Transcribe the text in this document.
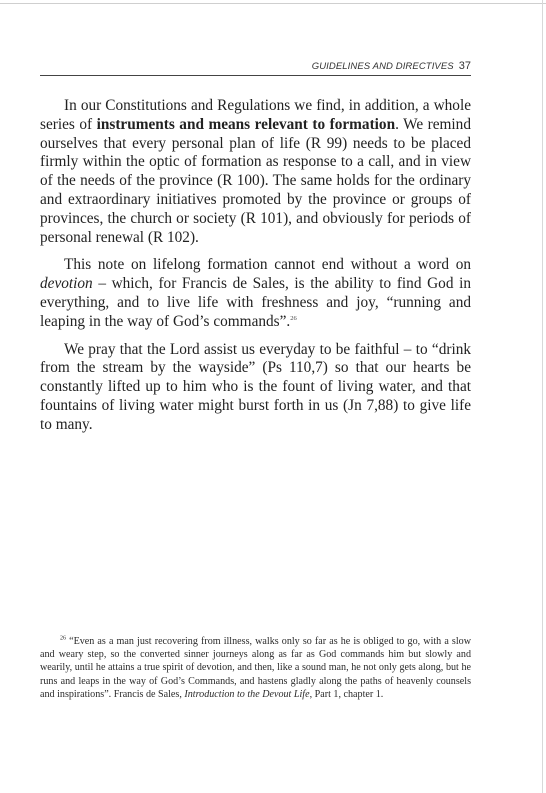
GUIDELINES AND DIRECTIVES 37

In our Constitutions and Regulations we find, in addition, a whole series of instruments and means relevant to formation. We remind ourselves that every personal plan of life (R 99) needs to be placed firmly within the optic of formation as response to a call, and in view of the needs of the province (R 100). The same holds for the ordinary and extraordinary initiatives promoted by the province or groups of provinces, the church or society (R 101), and obviously for periods of personal renewal (R 102).

This note on lifelong formation cannot end without a word on devotion – which, for Francis de Sales, is the ability to find God in everything, and to live life with freshness and joy, “running and leaping in the way of God’s commands”.$^{26}$

We pray that the Lord assist us everyday to be faithful – to “drink from the stream by the wayside” (Ps 110,7) so that our hearts be constantly lifted up to him who is the fount of living water, and that fountains of living water might burst forth in us (Jn 7,88) to give life to many.

$^{26}$ “Even as a man just recovering from illness, walks only so far as he is obliged to go, with a slow and weary step, so the converted sinner journeys along as far as God commands him but slowly and wearily, until he attains a true spirit of devotion, and then, like a sound man, he not only gets along, but he runs and leaps in the way of God’s Commands, and hastens gladly along the paths of heavenly counsels and inspirations”. Francis de Sales, Introduction to the Devout Life, Part 1, chapter 1.
